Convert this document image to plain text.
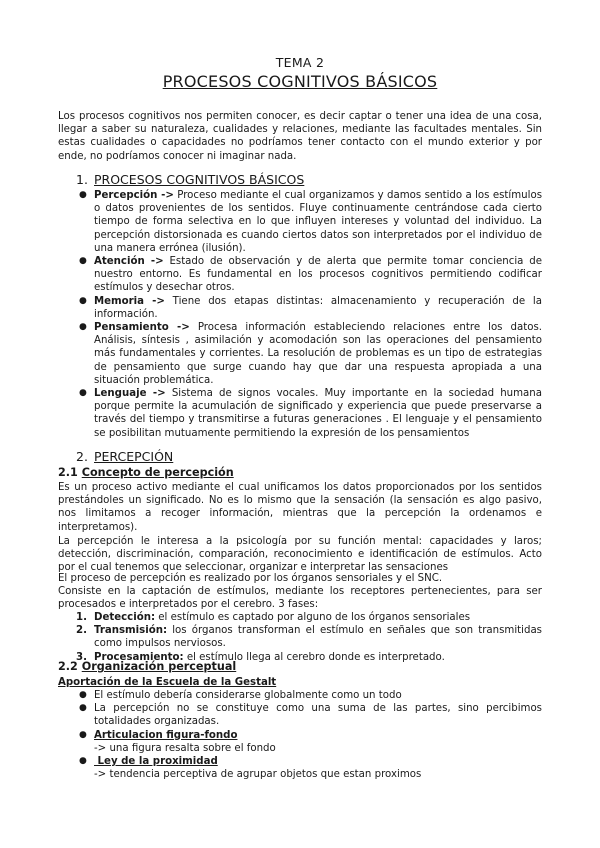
TEMA 2
PROCESOS COGNITIVOS BÁSICOS
Los procesos cognitivos nos permiten conocer, es decir captar o tener una idea de una cosa, llegar a saber su naturaleza, cualidades y relaciones, mediante las facultades mentales. Sin estas cualidades o capacidades no podríamos tener contacto con el mundo exterior y por ende, no podríamos conocer ni imaginar nada.
1. PROCESOS COGNITIVOS BÁSICOS
● Percepción -> Proceso mediante el cual organizamos y damos sentido a los estímulos o datos provenientes de los sentidos. Fluye continuamente centrándose cada cierto tiempo de forma selectiva en lo que influyen intereses y voluntad del individuo. La percepción distorsionada es cuando ciertos datos son interpretados por el individuo de una manera errónea (ilusión).
● Atención -> Estado de observación y de alerta que permite tomar conciencia de nuestro entorno. Es fundamental en los procesos cognitivos permitiendo codificar estímulos y desechar otros.
● Memoria -> Tiene dos etapas distintas: almacenamiento y recuperación de la información.
● Pensamiento -> Procesa información estableciendo relaciones entre los datos. Análisis, síntesis , asimilación y acomodación son las operaciones del pensamiento más fundamentales y corrientes. La resolución de problemas es un tipo de estrategias de pensamiento que surge cuando hay que dar una respuesta apropiada a una situación problemática.
● Lenguaje -> Sistema de signos vocales. Muy importante en la sociedad humana porque permite la acumulación de significado y experiencia que puede preservarse a través del tiempo y transmitirse a futuras generaciones . El lenguaje y el pensamiento se posibilitan mutuamente permitiendo la expresión de los pensamientos
2. PERCEPCIÓN
2.1 Concepto de percepción
Es un proceso activo mediante el cual unificamos los datos proporcionados por los sentidos prestándoles un significado. No es lo mismo que la sensación (la sensación es algo pasivo, nos limitamos a recoger información, mientras que la percepción la ordenamos e interpretamos).
La percepción le interesa a la psicología por su función mental: capacidades y laros; detección, discriminación, comparación, reconocimiento e identificación de estímulos. Acto por el cual tenemos que seleccionar, organizar e interpretar las sensaciones
El proceso de percepción es realizado por los órganos sensoriales y el SNC.
Consiste en la captación de estímulos, mediante los receptores pertenecientes, para ser procesados e interpretados por el cerebro. 3 fases:
1. Detección: el estímulo es captado por alguno de los órganos sensoriales
2. Transmisión: los órganos transforman el estímulo en señales que son transmitidas como impulsos nerviosos.
3. Procesamiento: el estímulo llega al cerebro donde es interpretado.
2.2 Organización perceptual
Aportación de la Escuela de la Gestalt
● El estímulo debería considerarse globalmente como un todo
● La percepción no se constituye como una suma de las partes, sino percibimos totalidades organizadas.
● Articulacion figura-fondo
-> una figura resalta sobre el fondo
● Ley de la proximidad
-> tendencia perceptiva de agrupar objetos que estan proximos
